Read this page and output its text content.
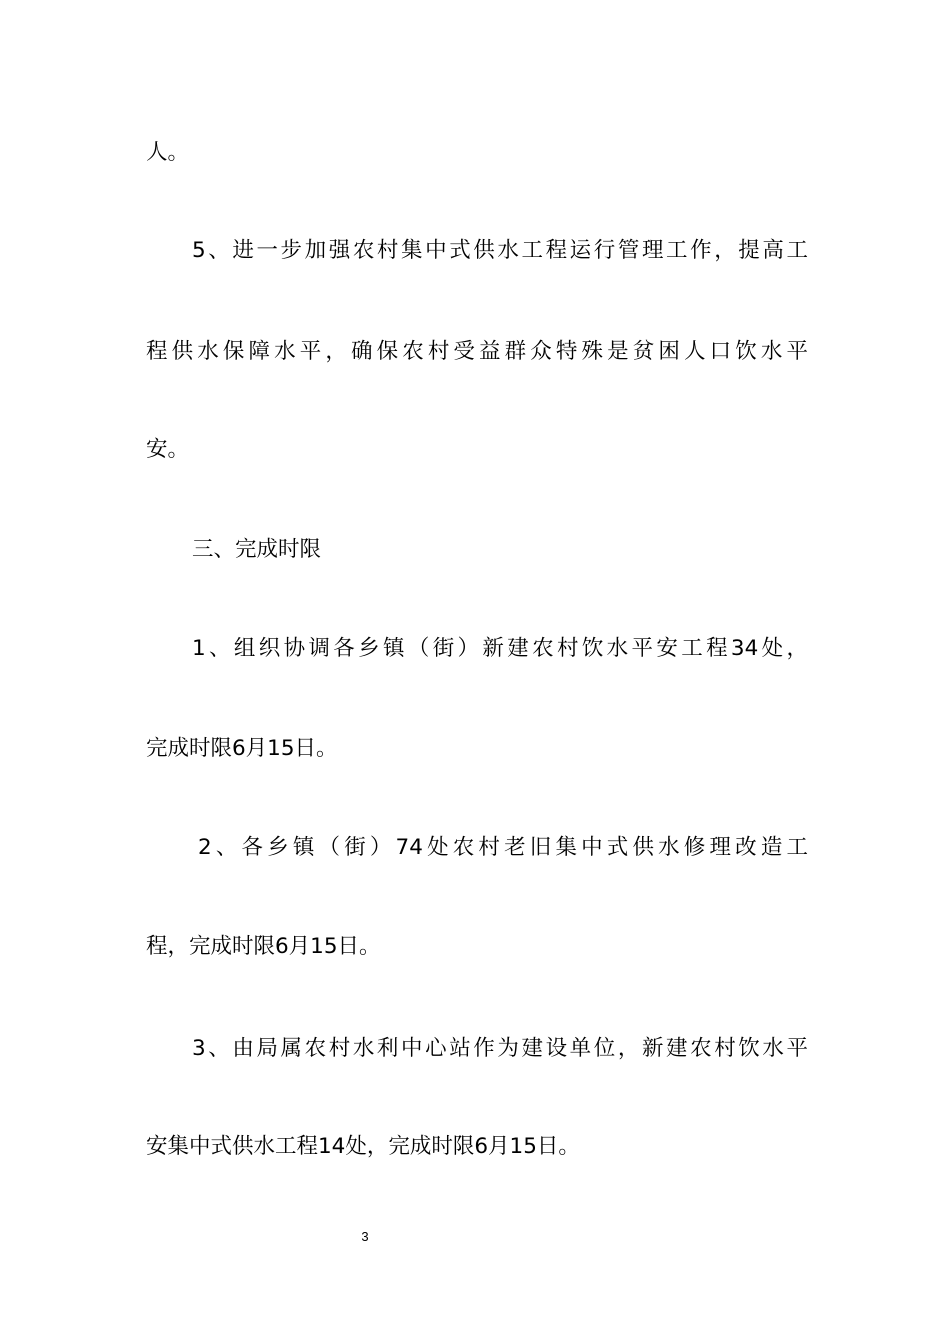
人。
5、进一步加强农村集中式供水工程运行管理工作，提高工
程供水保障水平，确保农村受益群众特殊是贫困人口饮水平
安。
三、完成时限
1、组织协调各乡镇（街）新建农村饮水平安工程34处，
完成时限6月15日。
2、各乡镇（街）74处农村老旧集中式供水修理改造工
程，完成时限6月15日。
3、由局属农村水利中心站作为建设单位，新建农村饮水平
安集中式供水工程14处，完成时限6月15日。
3
